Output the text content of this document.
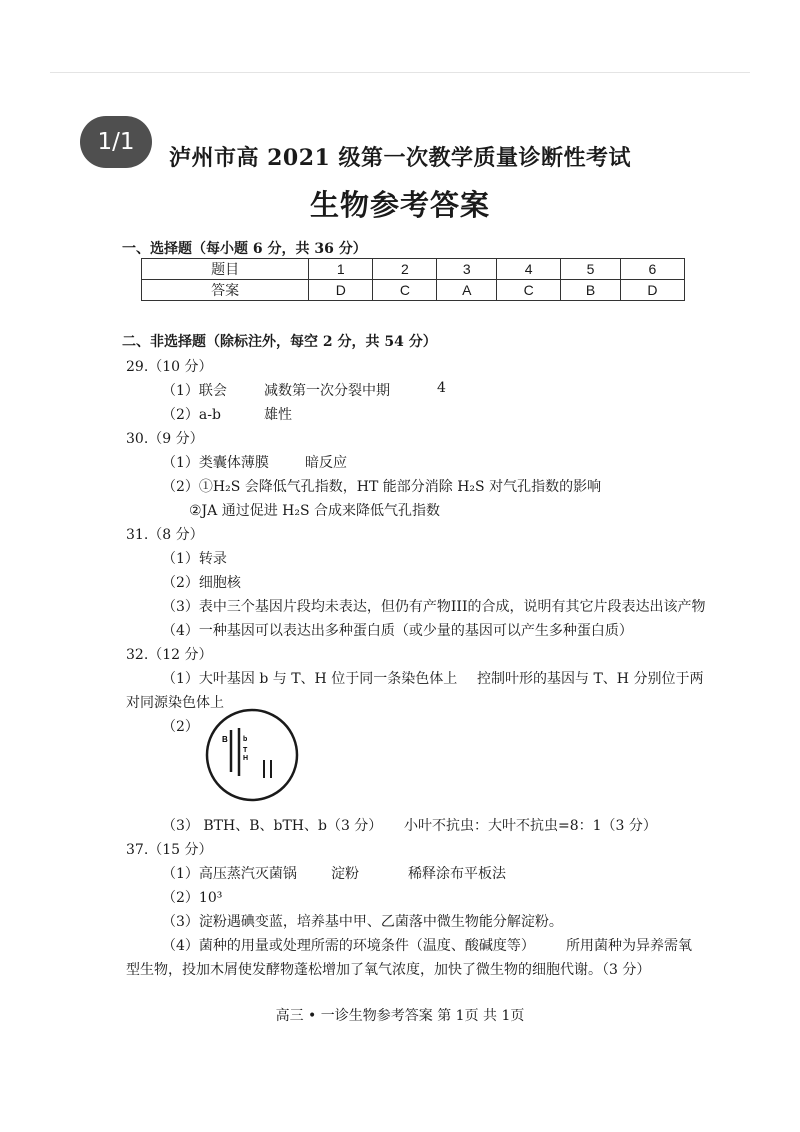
1/1
泸州市高 2021 级第一次教学质量诊断性考试
生物参考答案
一、选择题（每小题 6 分，共 36 分）
题目	1	2	3	4	5	6
答案	D	C	A	C	B	D
二、非选择题（除标注外，每空 2 分，共 54 分）
29.（10 分）
（1）联会	减数第一次分裂中期	4
（2）a-b	雄性
30.（9 分）
（1）类囊体薄膜	暗反应
（2）①H₂S 会降低气孔指数，HT 能部分消除 H₂S 对气孔指数的影响
②JA 通过促进 H₂S 合成来降低气孔指数
31.（8 分）
（1）转录
（2）细胞核
（3）表中三个基因片段均未表达，但仍有产物III的合成，说明有其它片段表达出该产物
（4）一种基因可以表达出多种蛋白质（或少量的基因可以产生多种蛋白质）
32.（12 分）
（1）大叶基因 b 与 T、H 位于同一条染色体上 控制叶形的基因与 T、H 分别位于两
对同源染色体上
（2）
B b
T
H
（3） BTH、B、bTH、b（3 分） 小叶不抗虫：大叶不抗虫=8：1（3 分）
37.（15 分）
（1）高压蒸汽灭菌锅 淀粉	稀释涂布平板法
（2）10³
（3）淀粉遇碘变蓝，培养基中甲、乙菌落中微生物能分解淀粉。
（4）菌种的用量或处理所需的环境条件（温度、酸碱度等） 所用菌种为异养需氧
型生物，投加木屑使发酵物蓬松增加了氧气浓度，加快了微生物的细胞代谢。（3 分）
高三 • 一诊生物参考答案 第 1页 共 1页
